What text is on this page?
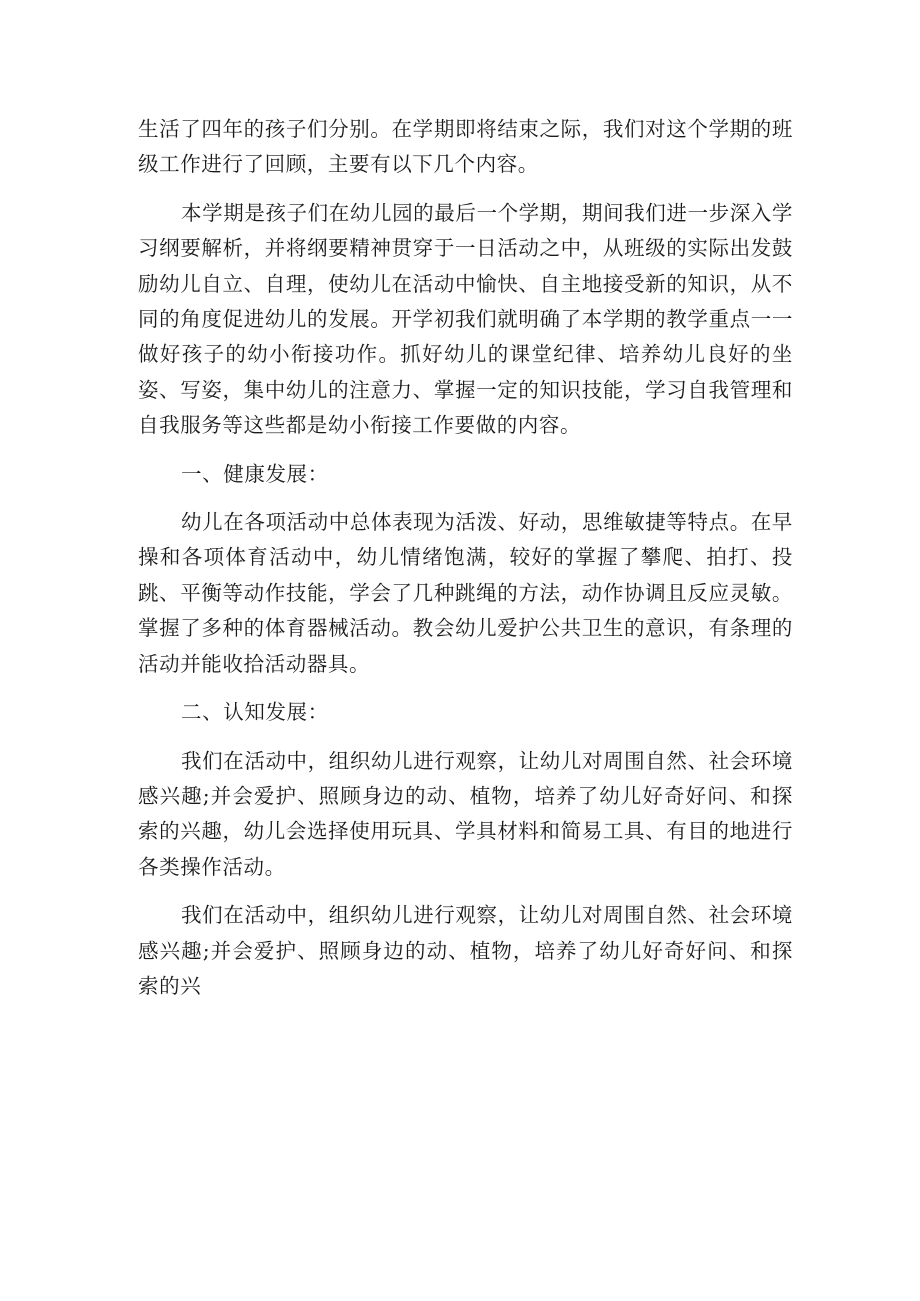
生活了四年的孩子们分别。在学期即将结束之际，我们对这个学期的班级工作进行了回顾，主要有以下几个内容。

本学期是孩子们在幼儿园的最后一个学期，期间我们进一步深入学习纲要解析，并将纲要精神贯穿于一日活动之中，从班级的实际出发鼓励幼儿自立、自理，使幼儿在活动中愉快、自主地接受新的知识，从不同的角度促进幼儿的发展。开学初我们就明确了本学期的教学重点一一做好孩子的幼小衔接功作。抓好幼儿的课堂纪律、培养幼儿良好的坐姿、写姿，集中幼儿的注意力、掌握一定的知识技能，学习自我管理和自我服务等这些都是幼小衔接工作要做的内容。

一、健康发展：

幼儿在各项活动中总体表现为活泼、好动，思维敏捷等特点。在早操和各项体育活动中，幼儿情绪饱满，较好的掌握了攀爬、拍打、投跳、平衡等动作技能，学会了几种跳绳的方法，动作协调且反应灵敏。掌握了多种的体育器械活动。教会幼儿爱护公共卫生的意识，有条理的活动并能收拾活动器具。

二、认知发展：

我们在活动中，组织幼儿进行观察，让幼儿对周围自然、社会环境感兴趣;并会爱护、照顾身边的动、植物，培养了幼儿好奇好问、和探索的兴趣，幼儿会选择使用玩具、学具材料和简易工具、有目的地进行各类操作活动。

我们在活动中，组织幼儿进行观察，让幼儿对周围自然、社会环境感兴趣;并会爱护、照顾身边的动、植物，培养了幼儿好奇好问、和探索的兴
